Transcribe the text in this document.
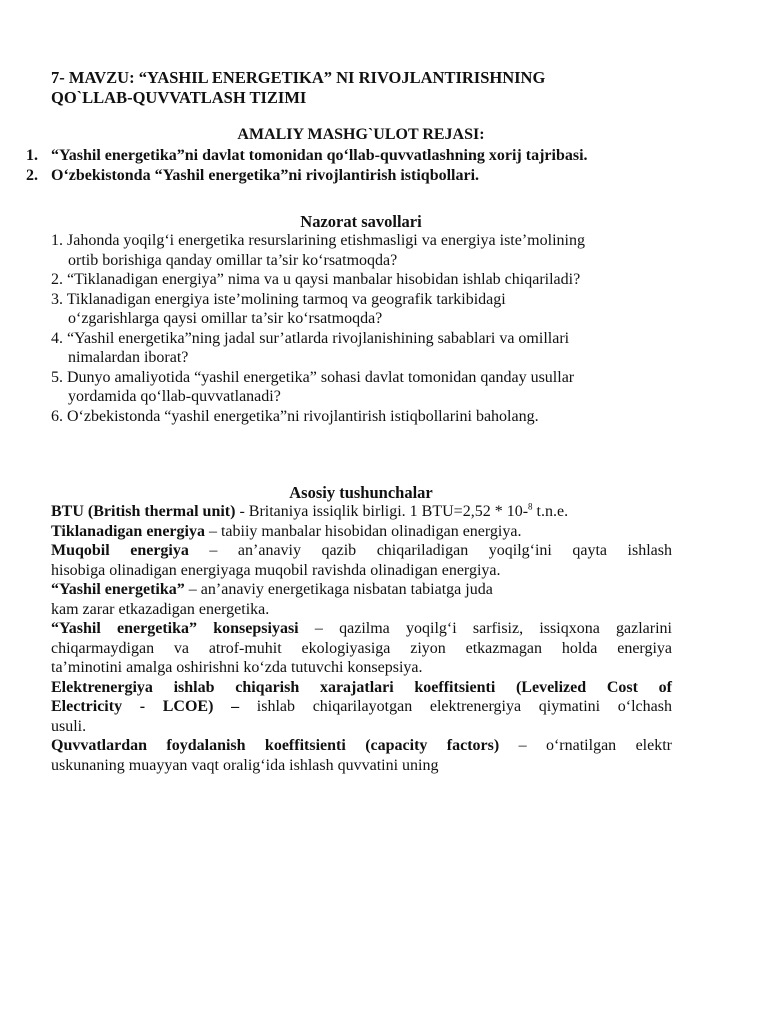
7- MAVZU: “YASHIL ENERGETIKA” NI RIVOJLANTIRISHNING
QO`LLAB-QUVVATLASH TIZIMI
AMALIY MASHG`ULOT REJASI:
1. “Yashil energetika”ni davlat tomonidan qo‘llab-quvvatlashning xorij tajribasi.
2. O‘zbekistonda “Yashil energetika”ni rivojlantirish istiqbollari.
Nazorat savollari
1. Jahonda yoqilg‘i energetika resurslarining etishmasligi va energiya iste’molining
ortib borishiga qanday omillar ta’sir ko‘rsatmoqda?
2. “Tiklanadigan energiya” nima va u qaysi manbalar hisobidan ishlab chiqariladi?
3. Tiklanadigan energiya iste’molining tarmoq va geografik tarkibidagi
o‘zgarishlarga qaysi omillar ta’sir ko‘rsatmoqda?
4. “Yashil energetika”ning jadal sur’atlarda rivojlanishining sabablari va omillari
nimalardan iborat?
5. Dunyo amaliyotida “yashil energetika” sohasi davlat tomonidan qanday usullar
yordamida qo‘llab-quvvatlanadi?
6. O‘zbekistonda “yashil energetika”ni rivojlantirish istiqbollarini baholang.
Asosiy tushunchalar

BTU (British thermal unit) - Britaniya issiqlik birligi. 1 BTU=2,52 * 10-$^8$ t.n.e.

Tiklanadigan energiya – tabiiy manbalar hisobidan olinadigan energiya.

Muqobil energiya – an’anaviy qazib chiqariladigan yoqilg‘ini qayta ishlash

hisobiga olinadigan energiyaga muqobil ravishda olinadigan energiya.

“Yashil energetika” – an’anaviy energetikaga nisbatan tabiatga juda

kam zarar etkazadigan energetika.

“Yashil energetika” konsepsiyasi – qazilma yoqilg‘i sarfisiz, issiqxona gazlarini

chiqarmaydigan va atrof-muhit ekologiyasiga ziyon etkazmagan holda energiya

ta’minotini amalga oshirishni ko‘zda tutuvchi konsepsiya.

Elektrenergiya ishlab chiqarish xarajatlari koeffitsienti (Levelized Cost of

Electricity - LCOE) – ishlab chiqarilayotgan elektrenergiya qiymatini o‘lchash

usuli.

Quvvatlardan foydalanish koeffitsienti (capacity factors) – o‘rnatilgan elektr

uskunaning muayyan vaqt oralig‘ida ishlash quvvatini uning
